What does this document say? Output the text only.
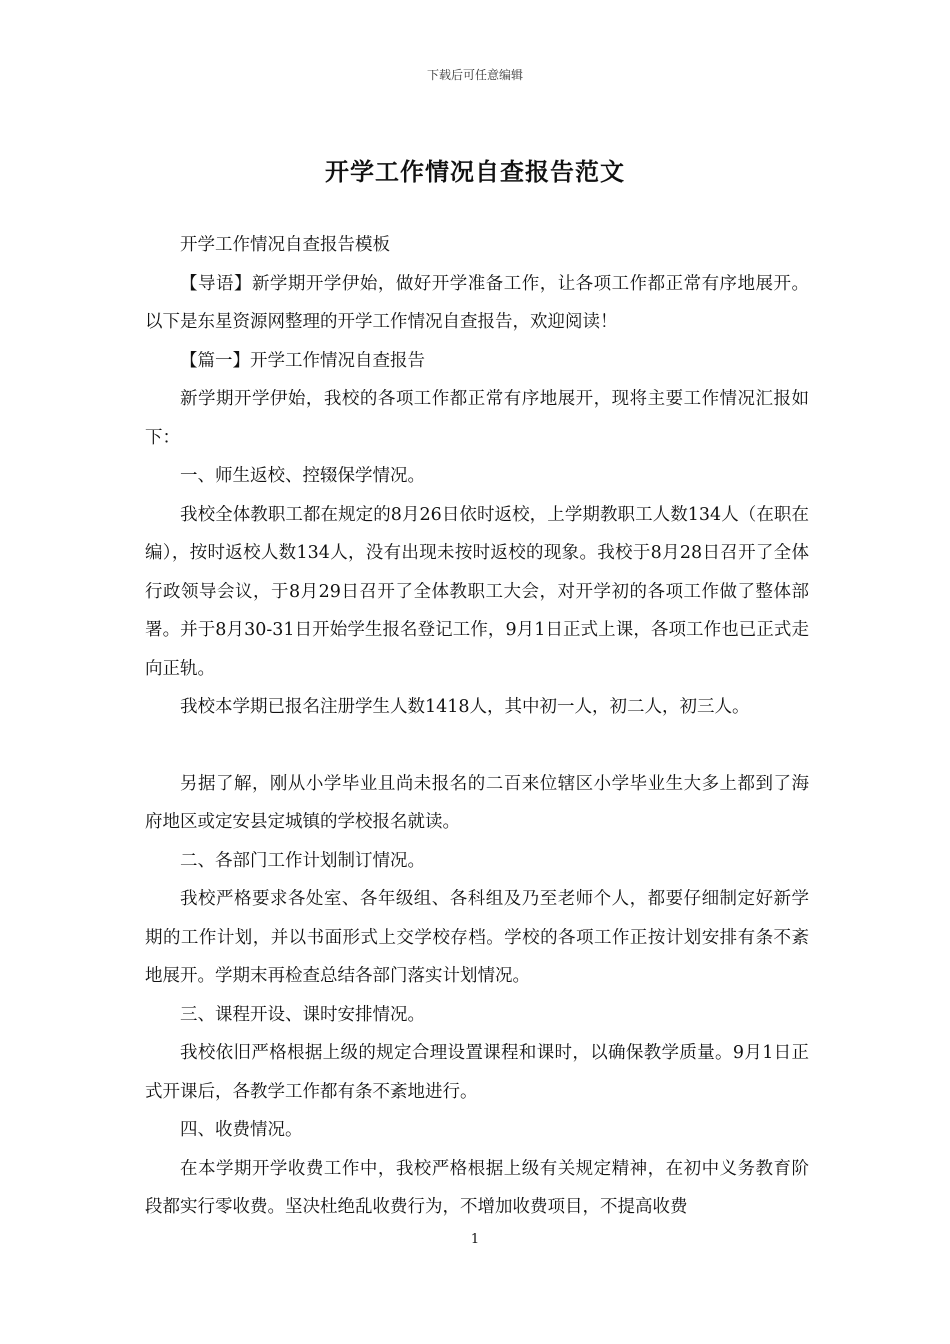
下载后可任意编辑
开学工作情况自查报告范文

开学工作情况自查报告模板

【导语】新学期开学伊始，做好开学准备工作，让各项工作都正常有序地展开。以下是东星资源网整理的开学工作情况自查报告，欢迎阅读！

【篇一】开学工作情况自查报告

新学期开学伊始，我校的各项工作都正常有序地展开，现将主要工作情况汇报如下：

一、师生返校、控辍保学情况。

我校全体教职工都在规定的8月26日依时返校，上学期教职工人数134人（在职在编），按时返校人数134人，没有出现未按时返校的现象。我校于8月28日召开了全体行政领导会议，于8月29日召开了全体教职工大会，对开学初的各项工作做了整体部署。并于8月30-31日开始学生报名登记工作，9月1日正式上课，各项工作也已正式走向正轨。

我校本学期已报名注册学生人数1418人，其中初一人，初二人，初三人。

另据了解，刚从小学毕业且尚未报名的二百来位辖区小学毕业生大多上都到了海府地区或定安县定城镇的学校报名就读。

二、各部门工作计划制订情况。

我校严格要求各处室、各年级组、各科组及乃至老师个人，都要仔细制定好新学期的工作计划，并以书面形式上交学校存档。学校的各项工作正按计划安排有条不紊地展开。学期末再检查总结各部门落实计划情况。

三、课程开设、课时安排情况。

我校依旧严格根据上级的规定合理设置课程和课时，以确保教学质量。9月1日正式开课后，各教学工作都有条不紊地进行。

四、收费情况。

在本学期开学收费工作中，我校严格根据上级有关规定精神，在初中义务教育阶段都实行零收费。坚决杜绝乱收费行为，不增加收费项目，不提高收费

1
